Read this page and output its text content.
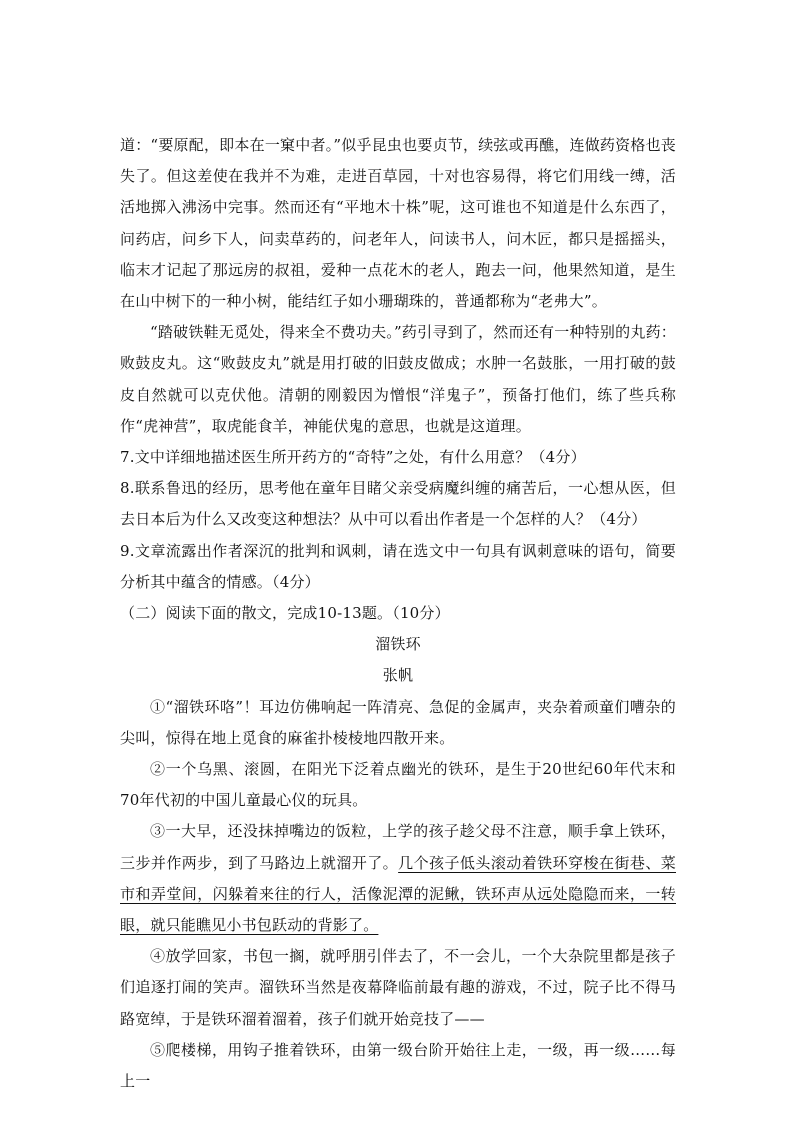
道：“要原配，即本在一窠中者。”似乎昆虫也要贞节，续弦或再醮，连做药资格也丧失了。但这差使在我并不为难，走进百草园，十对也容易得，将它们用线一缚，活活地掷入沸汤中完事。然而还有“平地木十株”呢，这可谁也不知道是什么东西了，问药店，问乡下人，问卖草药的，问老年人，问读书人，问木匠，都只是摇摇头，临末才记起了那远房的叔祖，爱种一点花木的老人，跑去一问，他果然知道，是生在山中树下的一种小树，能结红子如小珊瑚珠的，普通都称为“老弗大”。

“踏破铁鞋无觅处，得来全不费功夫。”药引寻到了，然而还有一种特别的丸药：败鼓皮丸。这“败鼓皮丸”就是用打破的旧鼓皮做成；水肿一名鼓胀，一用打破的鼓皮自然就可以克伏他。清朝的刚毅因为憎恨“洋鬼子”，预备打他们，练了些兵称作“虎神营”，取虎能食羊，神能伏鬼的意思，也就是这道理。

7.文中详细地描述医生所开药方的“奇特”之处，有什么用意？（4分）

8.联系鲁迅的经历，思考他在童年目睹父亲受病魔纠缠的痛苦后，一心想从医，但去日本后为什么又改变这种想法？从中可以看出作者是一个怎样的人？（4分）

9.文章流露出作者深沉的批判和讽刺，请在选文中一句具有讽刺意味的语句，简要分析其中蕴含的情感。（4分）

（二）阅读下面的散文，完成10-13题。（10分）

溜铁环

张帆

①“溜铁环咯”！耳边仿佛响起一阵清亮、急促的金属声，夹杂着顽童们嘈杂的尖叫，惊得在地上觅食的麻雀扑棱棱地四散开来。

②一个乌黑、滚圆，在阳光下泛着点幽光的铁环，是生于20世纪60年代末和70年代初的中国儿童最心仪的玩具。

③一大早，还没抹掉嘴边的饭粒，上学的孩子趁父母不注意，顺手拿上铁环，三步并作两步，到了马路边上就溜开了。几个孩子低头滚动着铁环穿梭在街巷、菜市和弄堂间，闪躲着来往的行人，活像泥潭的泥鳅，铁环声从远处隐隐而来，一转眼，就只能瞧见小书包跃动的背影了。

④放学回家，书包一搁，就呼朋引伴去了，不一会儿，一个大杂院里都是孩子们追逐打闹的笑声。溜铁环当然是夜幕降临前最有趣的游戏，不过，院子比不得马路宽绰，于是铁环溜着溜着，孩子们就开始竞技了——

⑤爬楼梯，用钩子推着铁环，由第一级台阶开始往上走，一级，再一级……每上一
